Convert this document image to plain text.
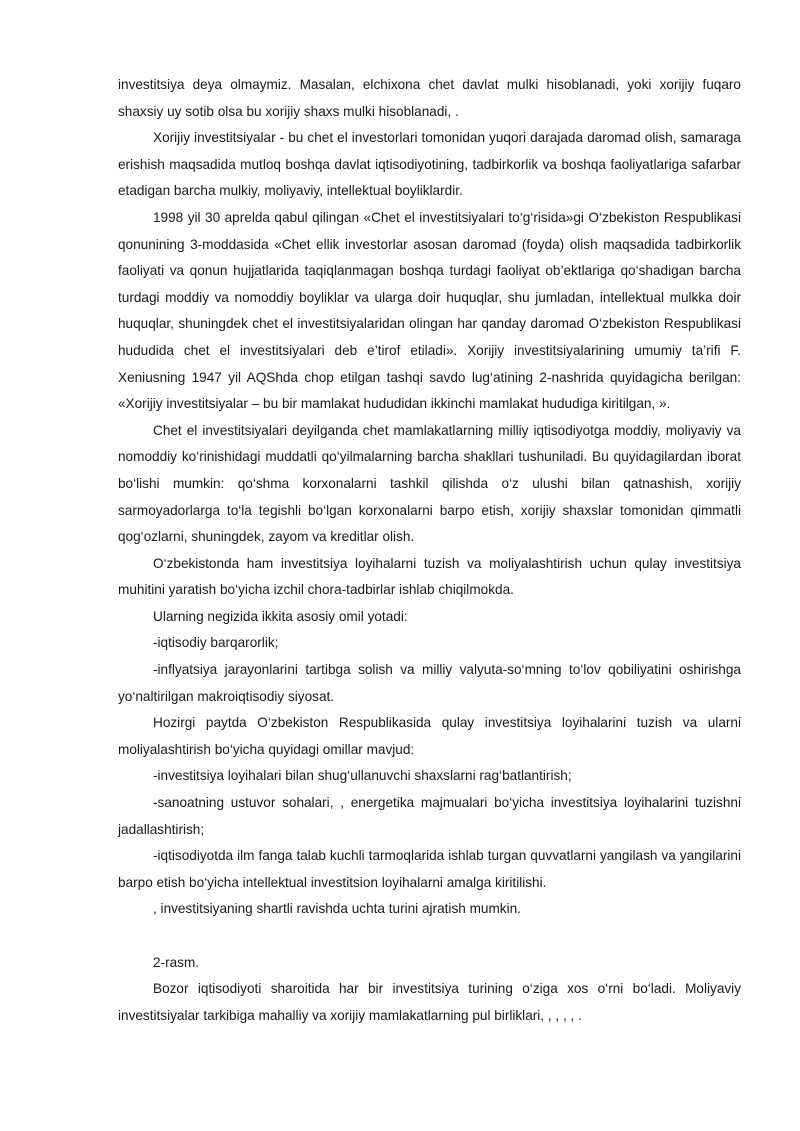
investitsiya deya olmaymiz. Masalan, elchixona chet davlat mulki hisoblanadi, yoki xorijiy fuqaro shaxsiy uy sotib olsa bu xorijiy shaxs mulki hisoblanadi, .

Xorijiy investitsiyalar - bu chet el investorlari tomonidan yuqori darajada daromad olish, samaraga erishish maqsadida mutloq boshqa davlat iqtisodiyotining, tadbirkorlik va boshqa faoliyatlariga safarbar etadigan barcha mulkiy, moliyaviy, intellektual boyliklardir.

1998 yil 30 aprelda qabul qilingan «Chet el investitsiyalari to‘g‘risida»gi O‘zbekiston Respublikasi qonunining 3-moddasida «Chet ellik investorlar asosan daromad (foyda) olish maqsadida tadbirkorlik faoliyati va qonun hujjatlarida taqiqlanmagan boshqa turdagi faoliyat ob’ektlariga qo‘shadigan barcha turdagi moddiy va nomoddiy boyliklar va ularga doir huquqlar, shu jumladan, intellektual mulkka doir huquqlar, shuningdek chet el investitsiyalaridan olingan har qanday daromad O‘zbekiston Respublikasi hududida chet el investitsiyalari deb e’tirof etiladi». Xorijiy investitsiyalarining umumiy ta’rifi F. Xeniusning 1947 yil AQShda chop etilgan tashqi savdo lug‘atining 2-nashrida quyidagicha berilgan: «Xorijiy investitsiyalar – bu bir mamlakat hududidan ikkinchi mamlakat hududiga kiritilgan, ».

Chet el investitsiyalari deyilganda chet mamlakatlarning milliy iqtisodiyotga moddiy, moliyaviy va nomoddiy ko‘rinishidagi muddatli qo‘yilmalarning barcha shakllari tushuniladi. Bu quyidagilardan iborat bo‘lishi mumkin: qo‘shma korxonalarni tashkil qilishda o‘z ulushi bilan qatnashish, xorijiy sarmoyadorlarga to‘la tegishli bo‘lgan korxonalarni barpo etish, xorijiy shaxslar tomonidan qimmatli qog‘ozlarni, shuningdek, zayom va kreditlar olish.

O‘zbekistonda ham investitsiya loyihalarni tuzish va moliyalashtirish uchun qulay investitsiya muhitini yaratish bo‘yicha izchil chora-tadbirlar ishlab chiqilmokda.

Ularning negizida ikkita asosiy omil yotadi:

-iqtisodiy barqarorlik;

-inflyatsiya jarayonlarini tartibga solish va milliy valyuta-so‘mning to‘lov qobiliyatini oshirishga yo‘naltirilgan makroiqtisodiy siyosat.

Hozirgi paytda O‘zbekiston Respublikasida qulay investitsiya loyihalarini tuzish va ularni moliyalashtirish bo‘yicha quyidagi omillar mavjud:

-investitsiya loyihalari bilan shug‘ullanuvchi shaxslarni rag‘batlantirish;

-sanoatning ustuvor sohalari, , energetika majmualari bo‘yicha investitsiya loyihalarini tuzishni jadallashtirish;

-iqtisodiyotda ilm fanga talab kuchli tarmoqlarida ishlab turgan quvvatlarni yangilash va yangilarini barpo etish bo‘yicha intellektual investitsion loyihalarni amalga kiritilishi.

, investitsiyaning shartli ravishda uchta turini ajratish mumkin.

2-rasm.

Bozor iqtisodiyoti sharoitida har bir investitsiya turining o‘ziga xos o‘rni bo‘ladi. Moliyaviy investitsiyalar tarkibiga mahalliy va xorijiy mamlakatlarning pul birliklari, , , , , .
